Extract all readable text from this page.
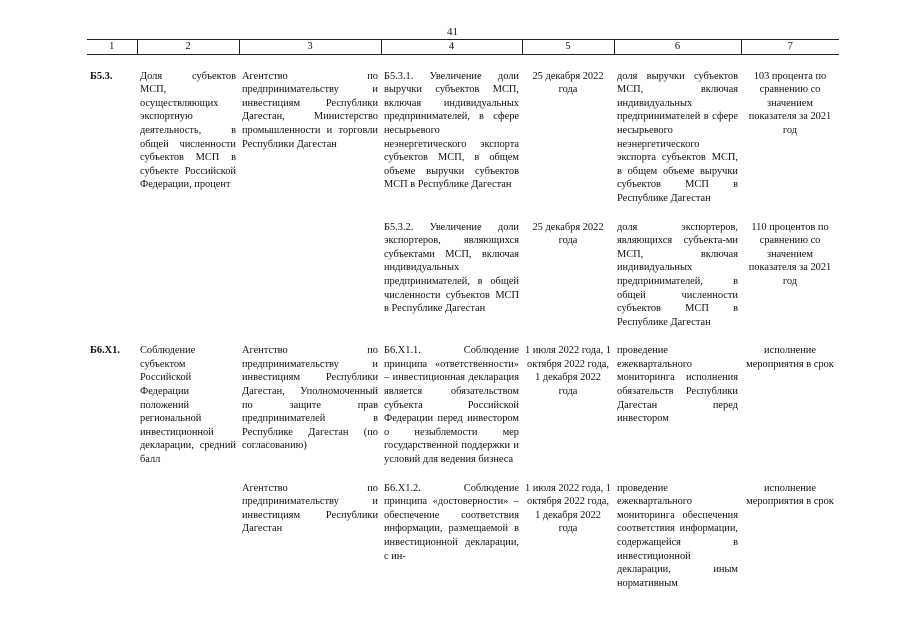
41
1	2	3	4	5	6	7

Б5.3.	Доля субъектов МСП, осуществляющих экспортную деятельность, в общей численности субъектов МСП в субъекте Российской Федерации, процент	Агентство по предпринимательству и инвестициям Республики Дагестан, Министерство промышленности и торговли Республики Дагестан	Б5.3.1. Увеличение доли выручки субъектов МСП, включая индивидуальных предпринимателей, в сфере несырьевого неэнергетического экспорта субъектов МСП, в общем объеме выручки субъектов МСП в Республике Дагестан	25 декабря 2022 года	доля выручки субъектов МСП, включая индивидуальных предпринимателей в сфере несырьевого неэнергетического экспорта субъектов МСП, в общем объеме выручки субъектов МСП в Республике Дагестан	103 процента по сравнению со значением показателя за 2021 год

			Б5.3.2. Увеличение доли экспортеров, являющихся субъектами МСП, включая индивидуальных предпринимателей, в общей численности субъектов МСП в Республике Дагестан	25 декабря 2022 года	доля экспортеров, являющихся субъекта-ми МСП, включая индивидуальных предпринимателей, в общей численности субъектов МСП в Республике Дагестан	110 процентов по сравнению со значением показателя за 2021 год

Б6.Х1.	Соблюдение субъектом Российской Федерации положений региональной инвестиционной декларации, средний балл	Агентство по предпринимательству и инвестициям Республики Дагестан, Уполномоченный по защите прав предпринимателей в Республике Дагестан (по согласованию)	Б6.Х1.1. Соблюдение принципа «ответственности» – инвестиционная декларация является обязательством субъекта Российской Федерации перед инвестором о незыблемости мер государственной поддержки и условий для ведения бизнеса	1 июля 2022 года, 1 октября 2022 года, 1 декабря 2022 года	проведение ежеквартального мониторинга исполнения обязательств Республики Дагестан перед инвестором	исполнение мероприятия в срок

		Агентство по предпринимательству и инвестициям Республики Дагестан	Б6.Х1.2. Соблюдение принципа «достоверности» – обеспечение соответствия информации, размещаемой в инвестиционной декларации, с ин-	1 июля 2022 года, 1 октября 2022 года, 1 декабря 2022 года	проведение ежеквартального мониторинга обеспечения соответствия информации, содержащейся в инвестиционной декларации, иным нормативным	исполнение мероприятия в срок
